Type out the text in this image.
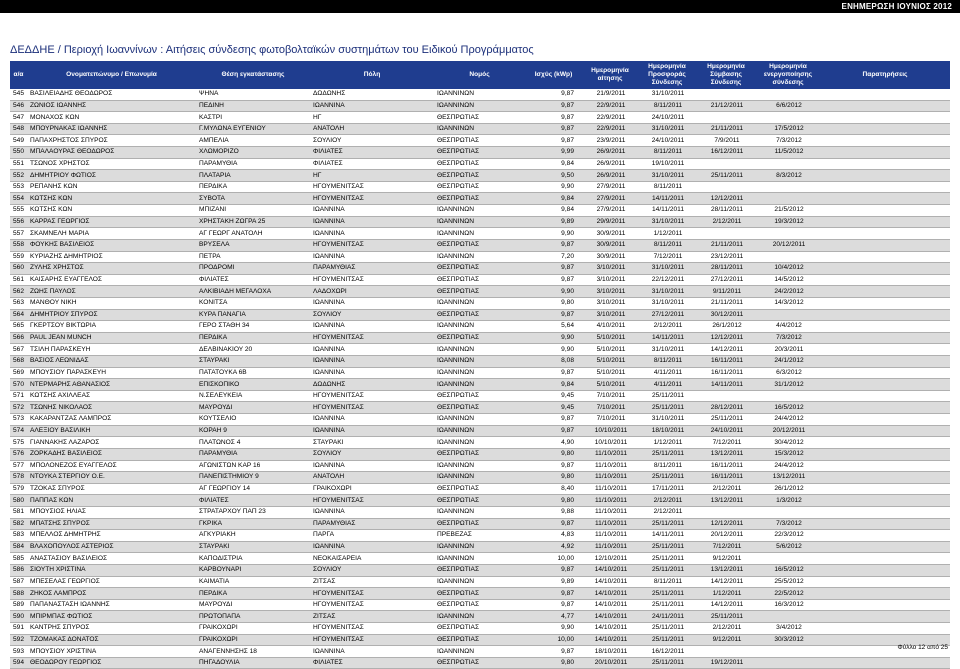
ΕΝΗΜΕΡΩΣΗ ΙΟΥΝΙΟΣ 2012
ΔΕΔΔΗΕ / Περιοχή Ιωαννίνων : Αιτήσεις σύνδεσης φωτοβολταϊκών συστημάτων του Ειδικού Προγράμματος
α/α	Ονοματεπώνυμο / Επωνυμία	Θέση εγκατάστασης	Πόλη	Νομός	Ισχύς (kWp)	Ημερομηνία αίτησης	Ημερομηνία Προσφοράς Σύνδεσης	Ημερομηνία Σύμβασης Σύνδεσης	Ημερομηνία ενεργοποίησης σύνδεσης	Παρατηρήσεις
545	ΒΑΣΙΛΕΙΑΔΗΣ ΘΕΟΔΩΡΟΣ	ΨΗΝΑ	ΔΩΔΩΝΗΣ	ΙΩΑΝΝΙΝΩΝ	9,87	21/9/2011	31/10/2011			
546	ΖΩΝΙΟΣ ΙΩΑΝΝΗΣ	ΠΕΔΙΝΗ	ΙΩΑΝΝΙΝΑ	ΙΩΑΝΝΙΝΩΝ	9,87	22/9/2011	8/11/2011	21/12/2011	6/6/2012	
547	ΜΟΝΑΧΟΣ ΚΩΝ	ΚΑΣΤΡΙ	ΗΓ	ΘΕΣΠΡΩΤΙΑΣ	9,87	22/9/2011	24/10/2011			
548	ΜΠΟΥΡΝΑΚΑΣ ΙΩΑΝΝΗΣ	Γ.ΜΥΛΩΝΑ ΕΥΓΕΝΙΟΥ	ΑΝΑΤΟΛΗ	ΙΩΑΝΝΙΝΩΝ	9,87	22/9/2011	31/10/2011	21/11/2011	17/5/2012	
549	ΠΑΠΑΧΡΗΣΤΟΣ ΣΠΥΡΟΣ	ΑΜΠΕΛΙΑ	ΣΟΥΛΙΟΥ	ΘΕΣΠΡΩΤΙΑΣ	9,87	23/9/2011	24/10/2011	7/9/2011	7/3/2012	
550	ΜΠΑΛΑΟΥΡΑΣ ΘΕΟΔΩΡΟΣ	ΧΛΩΜΟΡΙΖΟ	ΦΙΛΙΑΤΕΣ	ΘΕΣΠΡΩΤΙΑΣ	9,99	26/9/2011	8/11/2011	16/12/2011	11/5/2012	
551	ΤΣΩΝΟΣ ΧΡΗΣΤΟΣ	ΠΑΡΑΜΥΘΙΑ	ΦΙΛΙΑΤΕΣ	ΘΕΣΠΡΩΤΙΑΣ	9,84	26/9/2011	19/10/2011			
552	ΔΗΜΗΤΡΙΟΥ ΦΩΤΙΟΣ	ΠΛΑΤΑΡΙΑ	ΗΓ	ΘΕΣΠΡΩΤΙΑΣ	9,50	26/9/2011	31/10/2011	25/11/2011	8/3/2012	
553	ΡΕΠΑΝΗΣ ΚΩΝ	ΠΕΡΔΙΚΑ	ΗΓΟΥΜΕΝΙΤΣΑΣ	ΘΕΣΠΡΩΤΙΑΣ	9,90	27/9/2011	8/11/2011			
554	ΚΩΤΣΗΣ ΚΩΝ	ΣΥΒΟΤΑ	ΗΓΟΥΜΕΝΙΤΣΑΣ	ΘΕΣΠΡΩΤΙΑΣ	9,84	27/9/2011	14/11/2011	12/12/2011		
555	ΚΩΤΣΗΣ ΚΩΝ	ΜΠΙΖΑΝΙ	ΙΩΑΝΝΙΝΑ	ΙΩΑΝΝΙΝΩΝ	9,84	27/9/2011	14/11/2011	28/11/2011	21/5/2012	
556	ΚΑΡΡΑΣ ΓΕΩΡΓΙΟΣ	ΧΡΗΣΤΑΚΗ ΖΩΓΡΑ 25	ΙΩΑΝΝΙΝΑ	ΙΩΑΝΝΙΝΩΝ	9,89	29/9/2011	31/10/2011	2/12/2011	19/3/2012	
557	ΣΚΑΜΝΕΛΗ ΜΑΡΙΑ	ΑΓ ΓΕΩΡΓ ΑΝΑΤΟΛΗ	ΙΩΑΝΝΙΝΑ	ΙΩΑΝΝΙΝΩΝ	9,90	30/9/2011	1/12/2011			
558	ΦΟΥΚΗΣ ΒΑΣΙΛΕΙΟΣ	ΒΡΥΣΕΛΑ	ΗΓΟΥΜΕΝΙΤΣΑΣ	ΘΕΣΠΡΩΤΙΑΣ	9,87	30/9/2011	8/11/2011	21/11/2011	20/12/2011	
559	ΚΥΡΙΑΖΗΣ ΔΗΜΗΤΡΙΟΣ	ΠΕΤΡΑ	ΙΩΑΝΝΙΝΑ	ΙΩΑΝΝΙΝΩΝ	7,20	30/9/2011	7/12/2011	23/12/2011		
560	ΖΥΛΗΣ ΧΡΗΣΤΟΣ	ΠΡΟΔΡΟΜΙ	ΠΑΡΑΜΥΘΙΑΣ	ΘΕΣΠΡΩΤΙΑΣ	9,87	3/10/2011	31/10/2011	28/11/2011	10/4/2012	
561	ΚΑΙΣΑΡΗΣ ΕΥΑΓΓΕΛΟΣ	ΦΙΛΙΑΤΕΣ	ΗΓΟΥΜΕΝΙΤΣΑΣ	ΘΕΣΠΡΩΤΙΑΣ	9,87	3/10/2011	22/12/2011	27/12/2011	14/5/2012	
562	ΖΩΗΣ ΠΑΥΛΟΣ	ΑΛΚΙΒΙΑΔΗ ΜΕΓΑΛΟΧΑ	ΛΑΔΟΧΩΡΙ	ΘΕΣΠΡΩΤΙΑΣ	9,90	3/10/2011	31/10/2011	9/11/2011	24/2/2012	
563	ΜΑΝΘΟΥ ΝΙΚΗ	ΚΟΝΙΤΣΑ	ΙΩΑΝΝΙΝΑ	ΙΩΑΝΝΙΝΩΝ	9,80	3/10/2011	31/10/2011	21/11/2011	14/3/2012	
564	ΔΗΜΗΤΡΙΟΥ ΣΠΥΡΟΣ	ΚΥΡΑ ΠΑΝΑΓΙΑ	ΣΟΥΛΙΟΥ	ΘΕΣΠΡΩΤΙΑΣ	9,87	3/10/2011	27/12/2011	30/12/2011		
565	ΓΚΕΡΤΣΟΥ ΒΙΚΤΩΡΙΑ	ΓΕΡΟ ΣΤΑΘΗ 34	ΙΩΑΝΝΙΝΑ	ΙΩΑΝΝΙΝΩΝ	5,64	4/10/2011	2/12/2011	26/1/2012	4/4/2012	
566	PAUL JEAN MUNCH	ΠΕΡΔΙΚΑ	ΗΓΟΥΜΕΝΙΤΣΑΣ	ΘΕΣΠΡΩΤΙΑΣ	9,90	5/10/2011	14/11/2011	12/12/2011	7/3/2012	
567	ΤΣΙΛΗ ΠΑΡΑΣΚΕΥΗ	ΔΕΛΒΙΝΑΚΙΟΥ 20	ΙΩΑΝΝΙΝΑ	ΙΩΑΝΝΙΝΩΝ	9,90	5/10/2011	31/10/2011	14/12/2011	20/3/2011	
568	ΒΑΣΙΟΣ ΛΕΩΝΙΔΑΣ	ΣΤΑΥΡΑΚΙ	ΙΩΑΝΝΙΝΑ	ΙΩΑΝΝΙΝΩΝ	8,08	5/10/2011	8/11/2011	16/11/2011	24/1/2012	
569	ΜΠΟΥΣΙΟΥ ΠΑΡΑΣΚΕΥΗ	ΠΑΤΑΤΟΥΚΑ 6Β	ΙΩΑΝΝΙΝΑ	ΙΩΑΝΝΙΝΩΝ	9,87	5/10/2011	4/11/2011	16/11/2011	6/3/2012	
570	ΝΤΕΡΜΑΡΗΣ ΑΘΑΝΑΣΙΟΣ	ΕΠΙΣΚΟΠΙΚΟ	ΔΩΔΩΝΗΣ	ΙΩΑΝΝΙΝΩΝ	9,84	5/10/2011	4/11/2011	14/11/2011	31/1/2012	
571	ΚΩΤΣΗΣ ΑΧΙΛΛΕΑΣ	Ν.ΣΕΛΕΥΚΕΙΑ	ΗΓΟΥΜΕΝΙΤΣΑΣ	ΘΕΣΠΡΩΤΙΑΣ	9,45	7/10/2011	25/11/2011			
572	ΤΣΩΝΗΣ ΝΙΚΟΛΑΟΣ	ΜΑΥΡΟΥΔΙ	ΗΓΟΥΜΕΝΙΤΣΑΣ	ΘΕΣΠΡΩΤΙΑΣ	9,45	7/10/2011	25/11/2011	28/12/2011	16/5/2012	
573	ΚΑΚΑΡΑΝΤΖΑΣ ΛΑΜΠΡΟΣ	ΚΟΥΤΣΕΛΙΟ	ΙΩΑΝΝΙΝΑ	ΙΩΑΝΝΙΝΩΝ	9,87	7/10/2011	31/10/2011	25/11/2011	24/4/2012	
574	ΑΛΕΞΙΟΥ ΒΑΣΙΛΙΚΗ	ΚΟΡΑΗ 9	ΙΩΑΝΝΙΝΑ	ΙΩΑΝΝΙΝΩΝ	9,87	10/10/2011	18/10/2011	24/10/2011	20/12/2011	
575	ΓΙΑΝΝΑΚΗΣ ΛΑΖΑΡΟΣ	ΠΛΑΤΩΝΟΣ 4	ΣΤΑΥΡΑΚΙ	ΙΩΑΝΝΙΝΩΝ	4,90	10/10/2011	1/12/2011	7/12/2011	30/4/2012	
576	ΖΟΡΚΑΔΗΣ ΒΑΣΙΛΕΙΟΣ	ΠΑΡΑΜΥΘΙΑ	ΣΟΥΛΙΟΥ	ΘΕΣΠΡΩΤΙΑΣ	9,80	11/10/2011	25/11/2011	13/12/2011	15/3/2012	
577	ΜΠΟΛΟΝΕΖΟΣ ΕΥΑΓΓΕΛΟΣ	ΑΓΩΝΙΣΤΩΝ ΚΑΡ 16	ΙΩΑΝΝΙΝΑ	ΙΩΑΝΝΙΝΩΝ	9,87	11/10/2011	8/11/2011	16/11/2011	24/4/2012	
578	ΝΤΟΥΚΑ ΣΤΕΡΓΙΟΥ Ο.Ε.	ΠΑΝΕΠΙΣΤΗΜΙΟΥ 9	ΑΝΑΤΟΛΗ	ΙΩΑΝΝΙΝΩΝ	9,80	11/10/2011	25/11/2011	16/11/2011	13/12/2011	
579	ΤΖΟΚΑΣ ΣΠΥΡΟΣ	ΑΓ ΓΕΩΡΓΙΟΥ 14	ΓΡΑΙΚΟΧΩΡΙ	ΘΕΣΠΡΩΤΙΑΣ	8,40	11/10/2011	17/11/2011	2/12/2011	26/1/2012	
580	ΠΑΠΠΑΣ ΚΩΝ	ΦΙΛΙΑΤΕΣ	ΗΓΟΥΜΕΝΙΤΣΑΣ	ΘΕΣΠΡΩΤΙΑΣ	9,80	11/10/2011	2/12/2011	13/12/2011	1/3/2012	
581	ΜΠΟΥΣΙΟΣ ΗΛΙΑΣ	ΣΤΡΑΤΑΡΧΟΥ ΠΑΠ 23	ΙΩΑΝΝΙΝΑ	ΙΩΑΝΝΙΝΩΝ	9,88	11/10/2011	2/12/2011			
582	ΜΠΑΤΣΗΣ ΣΠΥΡΟΣ	ΓΚΡΙΚΑ	ΠΑΡΑΜΥΘΙΑΣ	ΘΕΣΠΡΩΤΙΑΣ	9,87	11/10/2011	25/11/2011	12/12/2011	7/3/2012	
583	ΜΠΕΛΛΟΣ ΔΗΜΗΤΡΗΣ	ΑΓΚΥΡΙΑΚΗ	ΠΑΡΓΑ	ΠΡΕΒΕΖΑΣ	4,83	11/10/2011	14/11/2011	20/12/2011	22/3/2012	
584	ΒΛΑΧΟΠΟΥΛΟΣ ΑΣΤΕΡΙΟΣ	ΣΤΑΥΡΑΚΙ	ΙΩΑΝΝΙΝΑ	ΙΩΑΝΝΙΝΩΝ	4,92	11/10/2011	25/11/2011	7/12/2011	5/6/2012	
585	ΑΝΑΣΤΑΣΙΟΥ ΒΑΣΙΛΕΙΟΣ	ΚΑΠΟΔΙΣΤΡΙΑ	ΝΕΟΚΑΙΣΑΡΕΙΑ	ΙΩΑΝΝΙΝΩΝ	10,00	12/10/2011	25/11/2011	9/12/2011		
586	ΣΙΟΥΤΗ ΧΡΙΣΤΙΝΑ	ΚΑΡΒΟΥΝΑΡΙ	ΣΟΥΛΙΟΥ	ΘΕΣΠΡΩΤΙΑΣ	9,87	14/10/2011	25/11/2011	13/12/2011	16/5/2012	
587	ΜΠΕΣΕΛΑΣ ΓΕΩΡΓΙΟΣ	ΚΑΙΜΑΤΙΑ	ΖΙΤΣΑΣ	ΙΩΑΝΝΙΝΩΝ	9,89	14/10/2011	8/11/2011	14/12/2011	25/5/2012	
588	ΖΗΚΟΣ ΛΑΜΠΡΟΣ	ΠΕΡΔΙΚΑ	ΗΓΟΥΜΕΝΙΤΣΑΣ	ΘΕΣΠΡΩΤΙΑΣ	9,87	14/10/2011	25/11/2011	1/12/2011	22/5/2012	
589	ΠΑΠΑΝΑΣΤΑΣΗ ΙΩΑΝΝΗΣ	ΜΑΥΡΟΥΔΙ	ΗΓΟΥΜΕΝΙΤΣΑΣ	ΘΕΣΠΡΩΤΙΑΣ	9,87	14/10/2011	25/11/2011	14/12/2011	16/3/2012	
590	ΜΠΙΡΜΠΑΣ ΦΩΤΙΟΣ	ΠΡΩΤΟΠΑΠΑ	ΖΙΤΣΑΣ	ΙΩΑΝΝΙΝΩΝ	4,77	14/10/2011	24/11/2011	25/11/2011		
591	ΚΑΝΤΡΗΣ ΣΠΥΡΟΣ	ΓΡΑΙΚΟΧΩΡΙ	ΗΓΟΥΜΕΝΙΤΣΑΣ	ΘΕΣΠΡΩΤΙΑΣ	9,90	14/10/2011	25/11/2011	2/12/2011	3/4/2012	
592	ΤΖΟΜΑΚΑΣ ΔΟΝΑΤΟΣ	ΓΡΑΙΚΟΧΩΡΙ	ΗΓΟΥΜΕΝΙΤΣΑΣ	ΘΕΣΠΡΩΤΙΑΣ	10,00	14/10/2011	25/11/2011	9/12/2011	30/3/2012	
593	ΜΠΟΥΣΙΟΥ ΧΡΙΣΤΙΝΑ	ΑΝΑΓΕΝΝΗΣΗΣ 18	ΙΩΑΝΝΙΝΑ	ΙΩΑΝΝΙΝΩΝ	9,87	18/10/2011	16/12/2011			
594	ΘΕΟΔΩΡΟΥ ΓΕΩΡΓΙΟΣ	ΠΗΓΑΔΟΥΛΙΑ	ΦΙΛΙΑΤΕΣ	ΘΕΣΠΡΩΤΙΑΣ	9,80	20/10/2011	25/11/2011	19/12/2011		
Φύλλο 12 από 25
